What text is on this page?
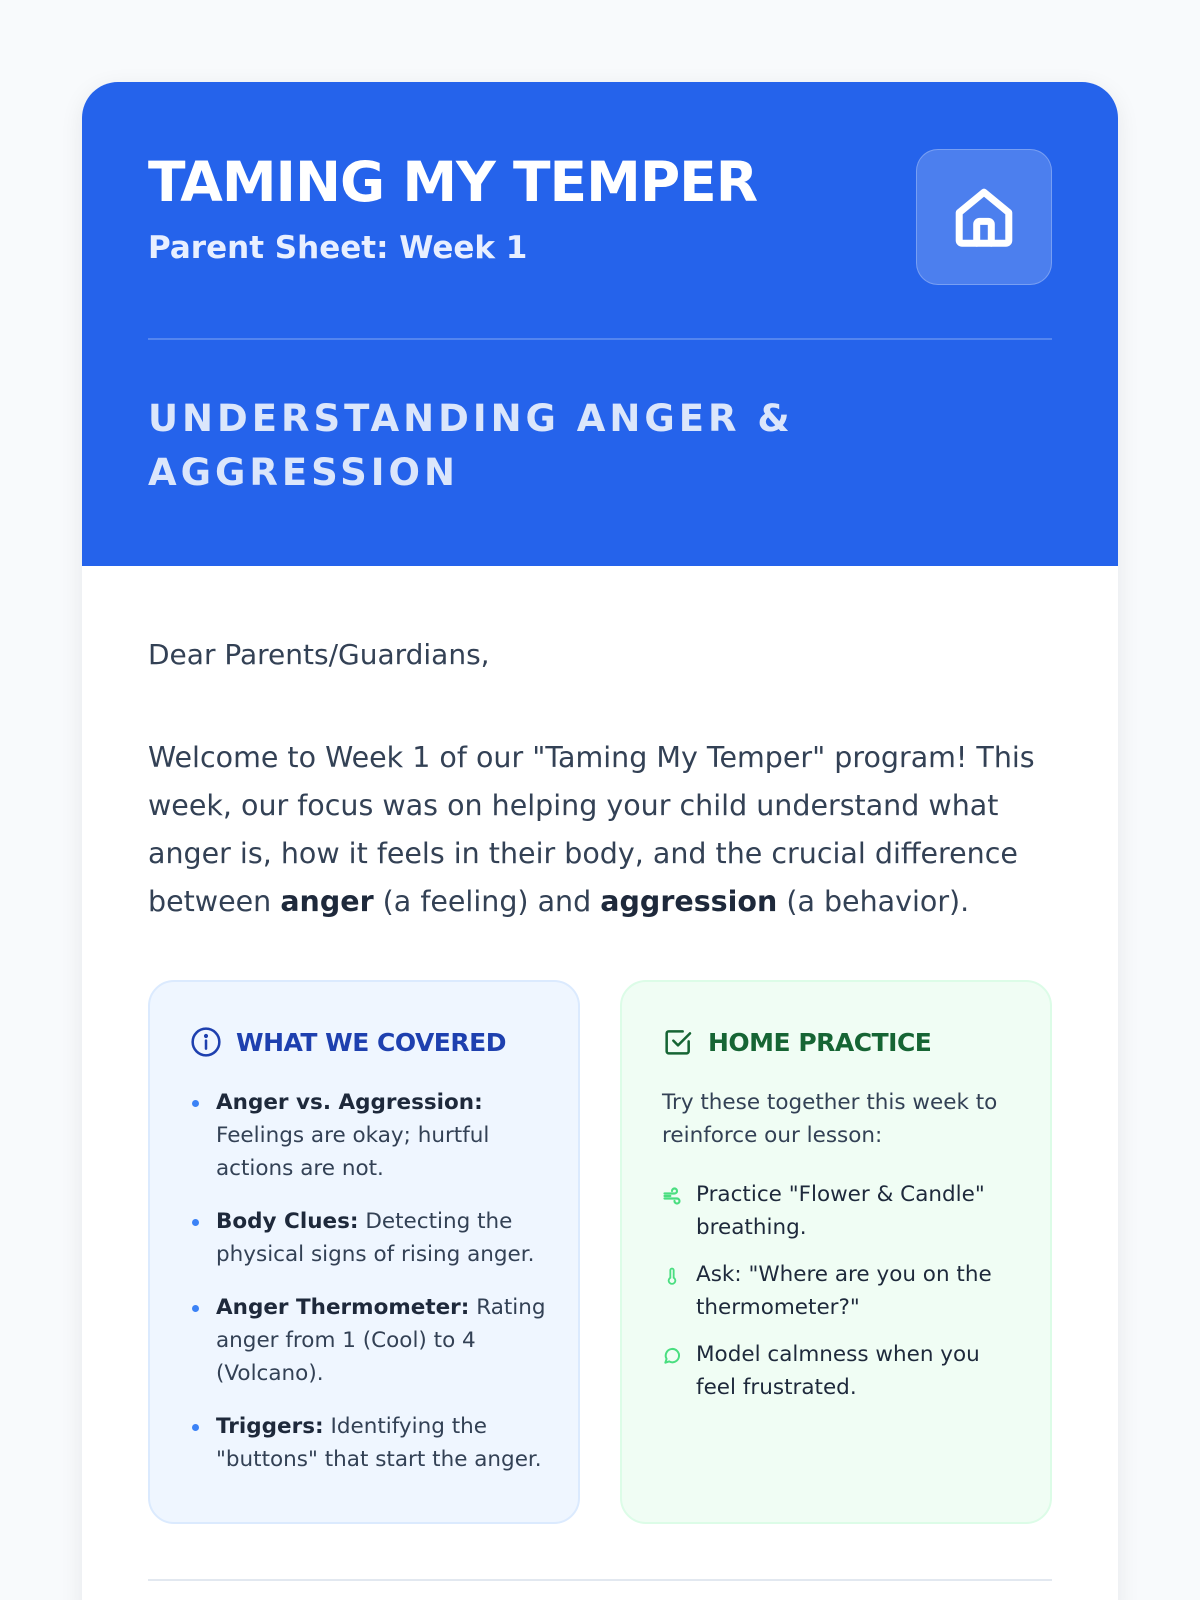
TAMING MY TEMPER
Parent Sheet: Week 1
UNDERSTANDING ANGER & AGGRESSION
Dear Parents/Guardians,

Welcome to Week 1 of our "Taming My Temper" program! This week, our focus was on helping your child understand what anger is, how it feels in their body, and the crucial difference between anger (a feeling) and aggression (a behavior).

WHAT WE COVERED
Anger vs. Aggression: Feelings are okay; hurtful actions are not.
Body Clues: Detecting the physical signs of rising anger.
Anger Thermometer: Rating anger from 1 (Cool) to 4 (Volcano).
Triggers: Identifying the "buttons" that start the anger.
HOME PRACTICE
Try these together this week to reinforce our lesson:
Practice "Flower & Candle" breathing.
Ask: "Where are you on the thermometer?"
Model calmness when you feel frustrated.
